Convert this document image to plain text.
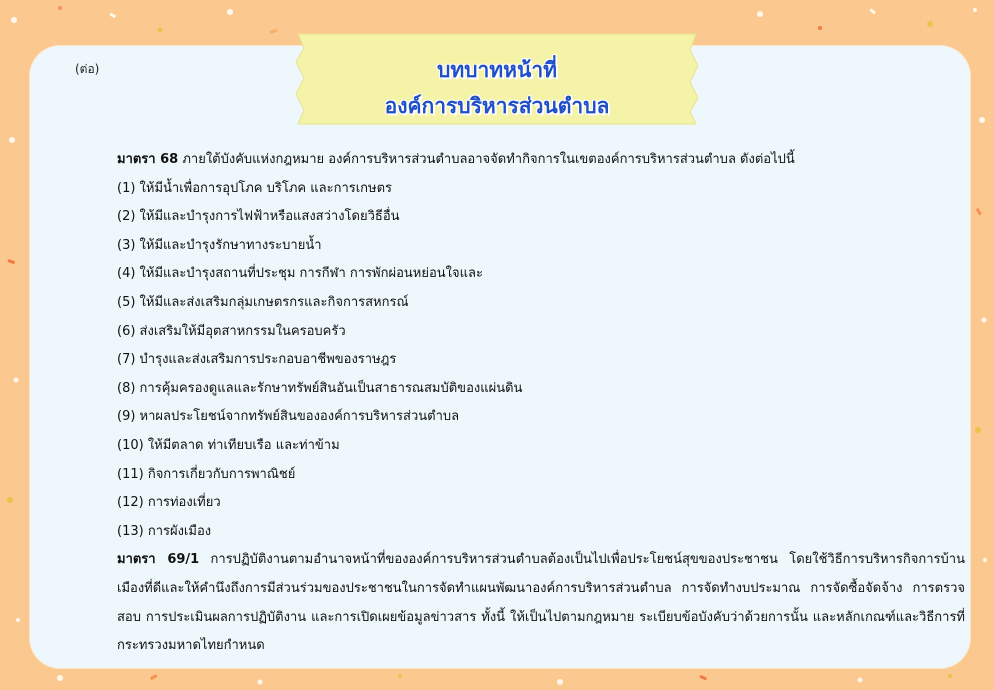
(ต่อ)	บทบาทหน้าที่
องค์การบริหารส่วนตำบล

มาตรา 68 ภายใต้บังคับแห่งกฎหมาย องค์การบริหารส่วนตำบลอาจจัดทำกิจการในเขตองค์การบริหารส่วนตำบล ดังต่อไปนี้

(1) ให้มีน้ำเพื่อการอุปโภค บริโภค และการเกษตร

(2) ให้มีและบำรุงการไฟฟ้าหรือแสงสว่างโดยวิธีอื่น

(3) ให้มีและบำรุงรักษาทางระบายน้ำ

(4) ให้มีและบำรุงสถานที่ประชุม การกีฬา การพักผ่อนหย่อนใจและ

(5) ให้มีและส่งเสริมกลุ่มเกษตรกรและกิจการสหกรณ์

(6) ส่งเสริมให้มีอุตสาหกรรมในครอบครัว

(7) บำรุงและส่งเสริมการประกอบอาชีพของราษฎร

(8) การคุ้มครองดูแลและรักษาทรัพย์สินอันเป็นสาธารณสมบัติของแผ่นดิน

(9) หาผลประโยชน์จากทรัพย์สินขององค์การบริหารส่วนตำบล

(10) ให้มีตลาด ท่าเทียบเรือ และท่าข้าม

(11) กิจการเกี่ยวกับการพาณิชย์

(12) การท่องเที่ยว

(13) การผังเมือง

มาตรา 69/1 การปฏิบัติงานตามอำนาจหน้าที่ขององค์การบริหารส่วนตำบลต้องเป็นไปเพื่อประโยชน์สุขของประชาชน โดยใช้วิธีการบริหารกิจการบ้านเมืองที่ดีและให้คำนึงถึงการมีส่วนร่วมของประชาชนในการจัดทำแผนพัฒนาองค์การบริหารส่วนตำบล การจัดทำงบประมาณ การจัดซื้อจัดจ้าง การตรวจสอบ การประเมินผลการปฏิบัติงาน และการเปิดเผยข้อมูลข่าวสาร ทั้งนี้ ให้เป็นไปตามกฎหมาย ระเบียบข้อบังคับว่าด้วยการนั้น และหลักเกณฑ์และวิธีการที่กระทรวงมหาดไทยกำหนด
